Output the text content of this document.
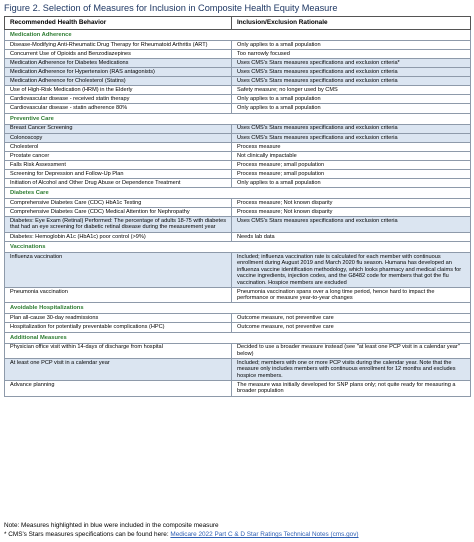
Figure 2. Selection of Measures for Inclusion in Composite Health Equity Measure
Recommended Health Behavior	Inclusion/Exclusion Rationale
Medication Adherence	
Disease-Modifying Anti-Rheumatic Drug Therapy for Rheumatoid Arthritis (ART)	Only applies to a small population
Concurrent Use of Opioids and Benzodiazepines	Too narrowly focused
Medication Adherence for Diabetes Medications	Uses CMS's Stars measures specifications and exclusion criteria*
Medication Adherence for Hypertension (RAS antagonists)	Uses CMS's Stars measures specifications and exclusion criteria
Medication Adherence for Cholesterol (Statins)	Uses CMS's Stars measures specifications and exclusion criteria
Use of High-Risk Medication (HRM) in the Elderly	Safety measure; no longer used by CMS
Cardiovascular disease - received statin therapy	Only applies to a small population
Cardiovascular disease - statin adherence 80%	Only applies to a small population
Preventive Care	
Breast Cancer Screening	Uses CMS's Stars measures specifications and exclusion criteria
Colonoscopy	Uses CMS's Stars measures specifications and exclusion criteria
Cholesterol	Process measure
Prostate cancer	Not clinically impactable
Falls Risk Assessment	Process measure; small population
Screening for Depression and Follow-Up Plan	Process measure; small population
Initiation of Alcohol and Other Drug Abuse or Dependence Treatment	Only applies to a small population
Diabetes Care	
Comprehensive Diabetes Care (CDC) HbA1c Testing	Process measure; Not known disparity
Comprehensive Diabetes Care (CDC) Medical Attention for Nephropathy	Process measure; Not known disparity
Diabetes: Eye Exam (Retinal) Performed: The percentage of adults 18-75 with diabetes that had an eye screening for diabetic retinal disease during the measurement year	Uses CMS's Stars measures specifications and exclusion criteria
Diabetes: Hemoglobin A1c (HbA1c) poor control (>9%)	Needs lab data
Vaccinations	
Influenza vaccination	Included; influenza vaccination rate is calculated for each member with continuous enrollment during August 2019 and March 2020 flu season. Humana has developed an influenza vaccine identification methodology, which looks pharmacy and medical claims for vaccine ingredients, injection codes, and the G8482 code for members that got the flu vaccination. Hospice members are excluded
Pneumonia vaccination	Pneumonia vaccination spans over a long time period, hence hard to impact the performance or measure year-to-year changes
Avoidable Hospitalizations	
Plan all-cause 30-day readmissions	Outcome measure, not preventive care
Hospitalization for potentially preventable complications (HPC)	Outcome measure, not preventive care
Additional Measures	
Physician office visit within 14-days of discharge from hospital	Decided to use a broader measure instead (see "at least one PCP visit in a calendar year" below)
At least one PCP visit in a calendar year	Included; members with one or more PCP visits during the calendar year. Note that the measure only includes members with continuous enrollment for 12 months and excludes hospice members.
Advance planning	The measure was initially developed for SNP plans only; not quite ready for measuring a broader population
Note: Measures highlighted in blue were included in the composite measure
* CMS's Stars measures specifications can be found here: Medicare 2022 Part C & D Star Ratings Technical Notes (cms.gov)
